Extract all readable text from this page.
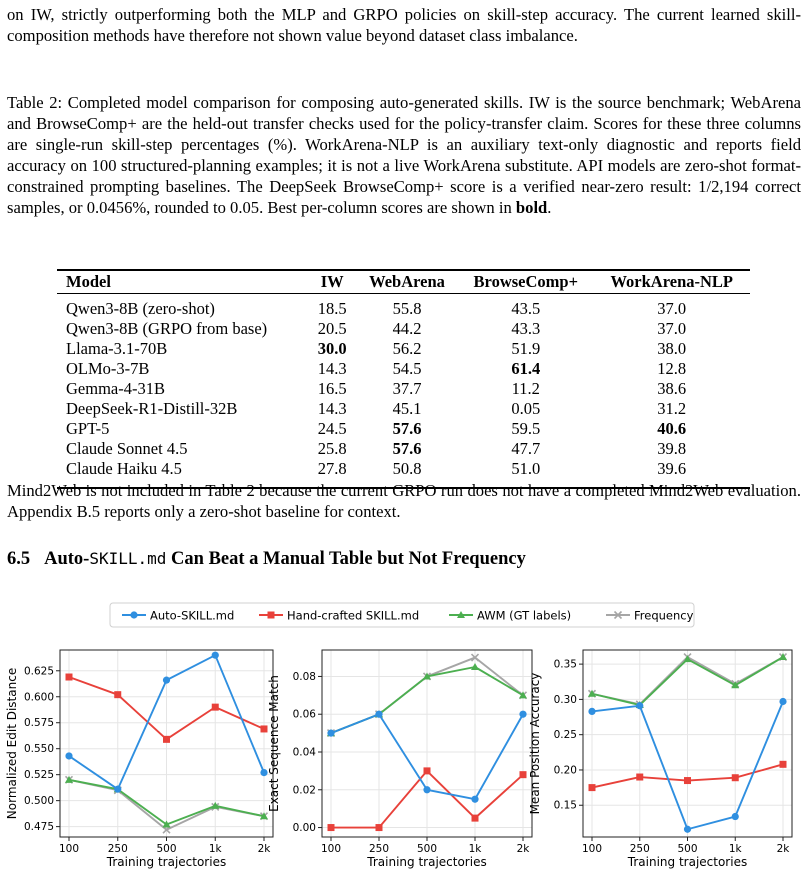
on IW, strictly outperforming both the MLP and GRPO policies on skill-step accuracy. The current learned skill-composition methods have therefore not shown value beyond dataset class imbalance.

Table 2: Completed model comparison for composing auto-generated skills. IW is the source benchmark; WebArena and BrowseComp+ are the held-out transfer checks used for the policy-transfer claim. Scores for these three columns are single-run skill-step percentages (%). WorkArena-NLP is an auxiliary text-only diagnostic and reports field accuracy on 100 structured-planning examples; it is not a live WorkArena substitute. API models are zero-shot format-constrained prompting baselines. The DeepSeek BrowseComp+ score is a verified near-zero result: 1/2,194 correct samples, or 0.0456%, rounded to 0.05. Best per-column scores are shown in bold.

Model	IW	WebArena	BrowseComp+	WorkArena-NLP
Qwen3-8B (zero-shot)	18.5	55.8	43.5	37.0
Qwen3-8B (GRPO from base)	20.5	44.2	43.3	37.0
Llama-3.1-70B	30.0	56.2	51.9	38.0
OLMo-3-7B	14.3	54.5	61.4	12.8
Gemma-4-31B	16.5	37.7	11.2	38.6
DeepSeek-R1-Distill-32B	14.3	45.1	0.05	31.2
GPT-5	24.5	57.6	59.5	40.6
Claude Sonnet 4.5	25.8	57.6	47.7	39.8
Claude Haiku 4.5	27.8	50.8	51.0	39.6

Mind2Web is not included in Table 2 because the current GRPO run does not have a completed Mind2Web evaluation. Appendix B.5 reports only a zero-shot baseline for context.

6.5 Auto-SKILL.md Can Beat a Manual Table but Not Frequency
Auto-SKILL.md	Hand-crafted SKILL.md	AWM (GT labels)	Frequency
0.475
0.500
0.525
0.550
0.575
0.600
0.625
100	250	500	1k	2k
Training trajectories
Normalized Edit Distance
0.00
0.02
0.04
0.06
0.08
100	250	500	1k	2k
Training trajectories
Exact Sequence Match	0.15
0.20
0.25
0.30
0.35
100	250	500	1k	2k
Training trajectories
Mean Position Accuracy
